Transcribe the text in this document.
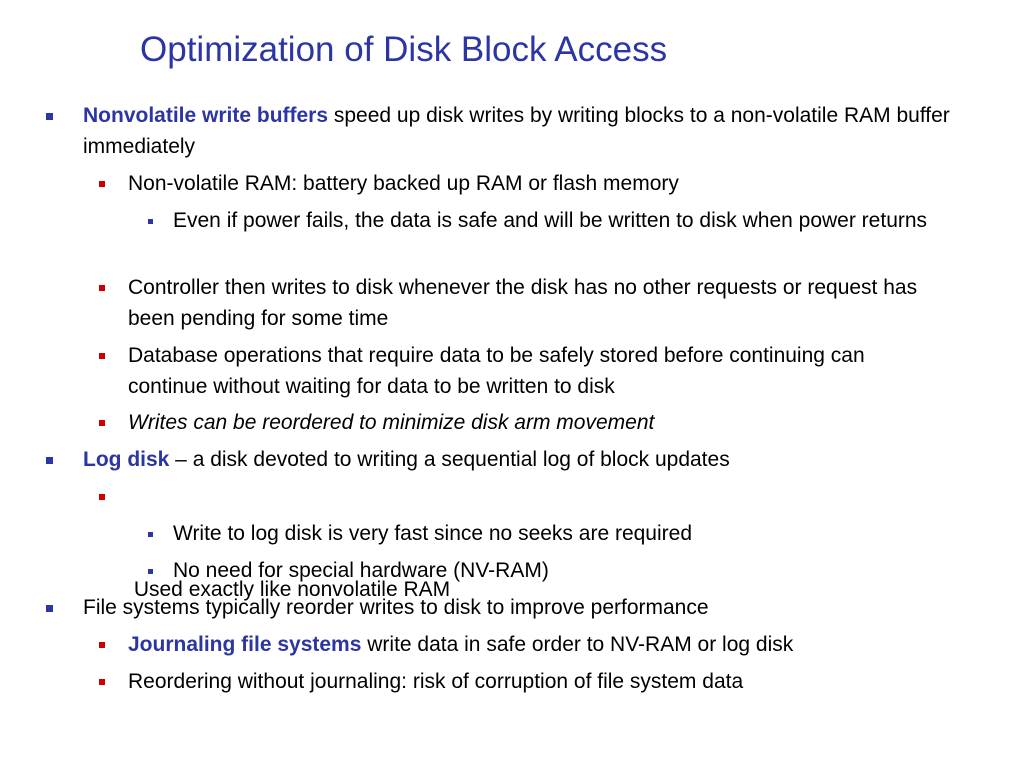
Optimization of Disk Block Access
Nonvolatile write buffers speed up disk writes by writing blocks to a non-volatile RAM buffer immediately
Non-volatile RAM: battery backed up RAM or flash memory
Even if power fails, the data is safe and will be written to disk when power returns
Controller then writes to disk whenever the disk has no other requests or request has been pending for some time
Database operations that require data to be safely stored before continuing can continue without waiting for data to be written to disk
Writes can be reordered to minimize disk arm movement
Log disk – a disk devoted to writing a sequential log of block updates

Used exactly like nonvolatile RAM

Write to log disk is very fast since no seeks are required
No need for special hardware (NV-RAM)
File systems typically reorder writes to disk to improve performance
Journaling file systems write data in safe order to NV-RAM or log disk
Reordering without journaling: risk of corruption of file system data
